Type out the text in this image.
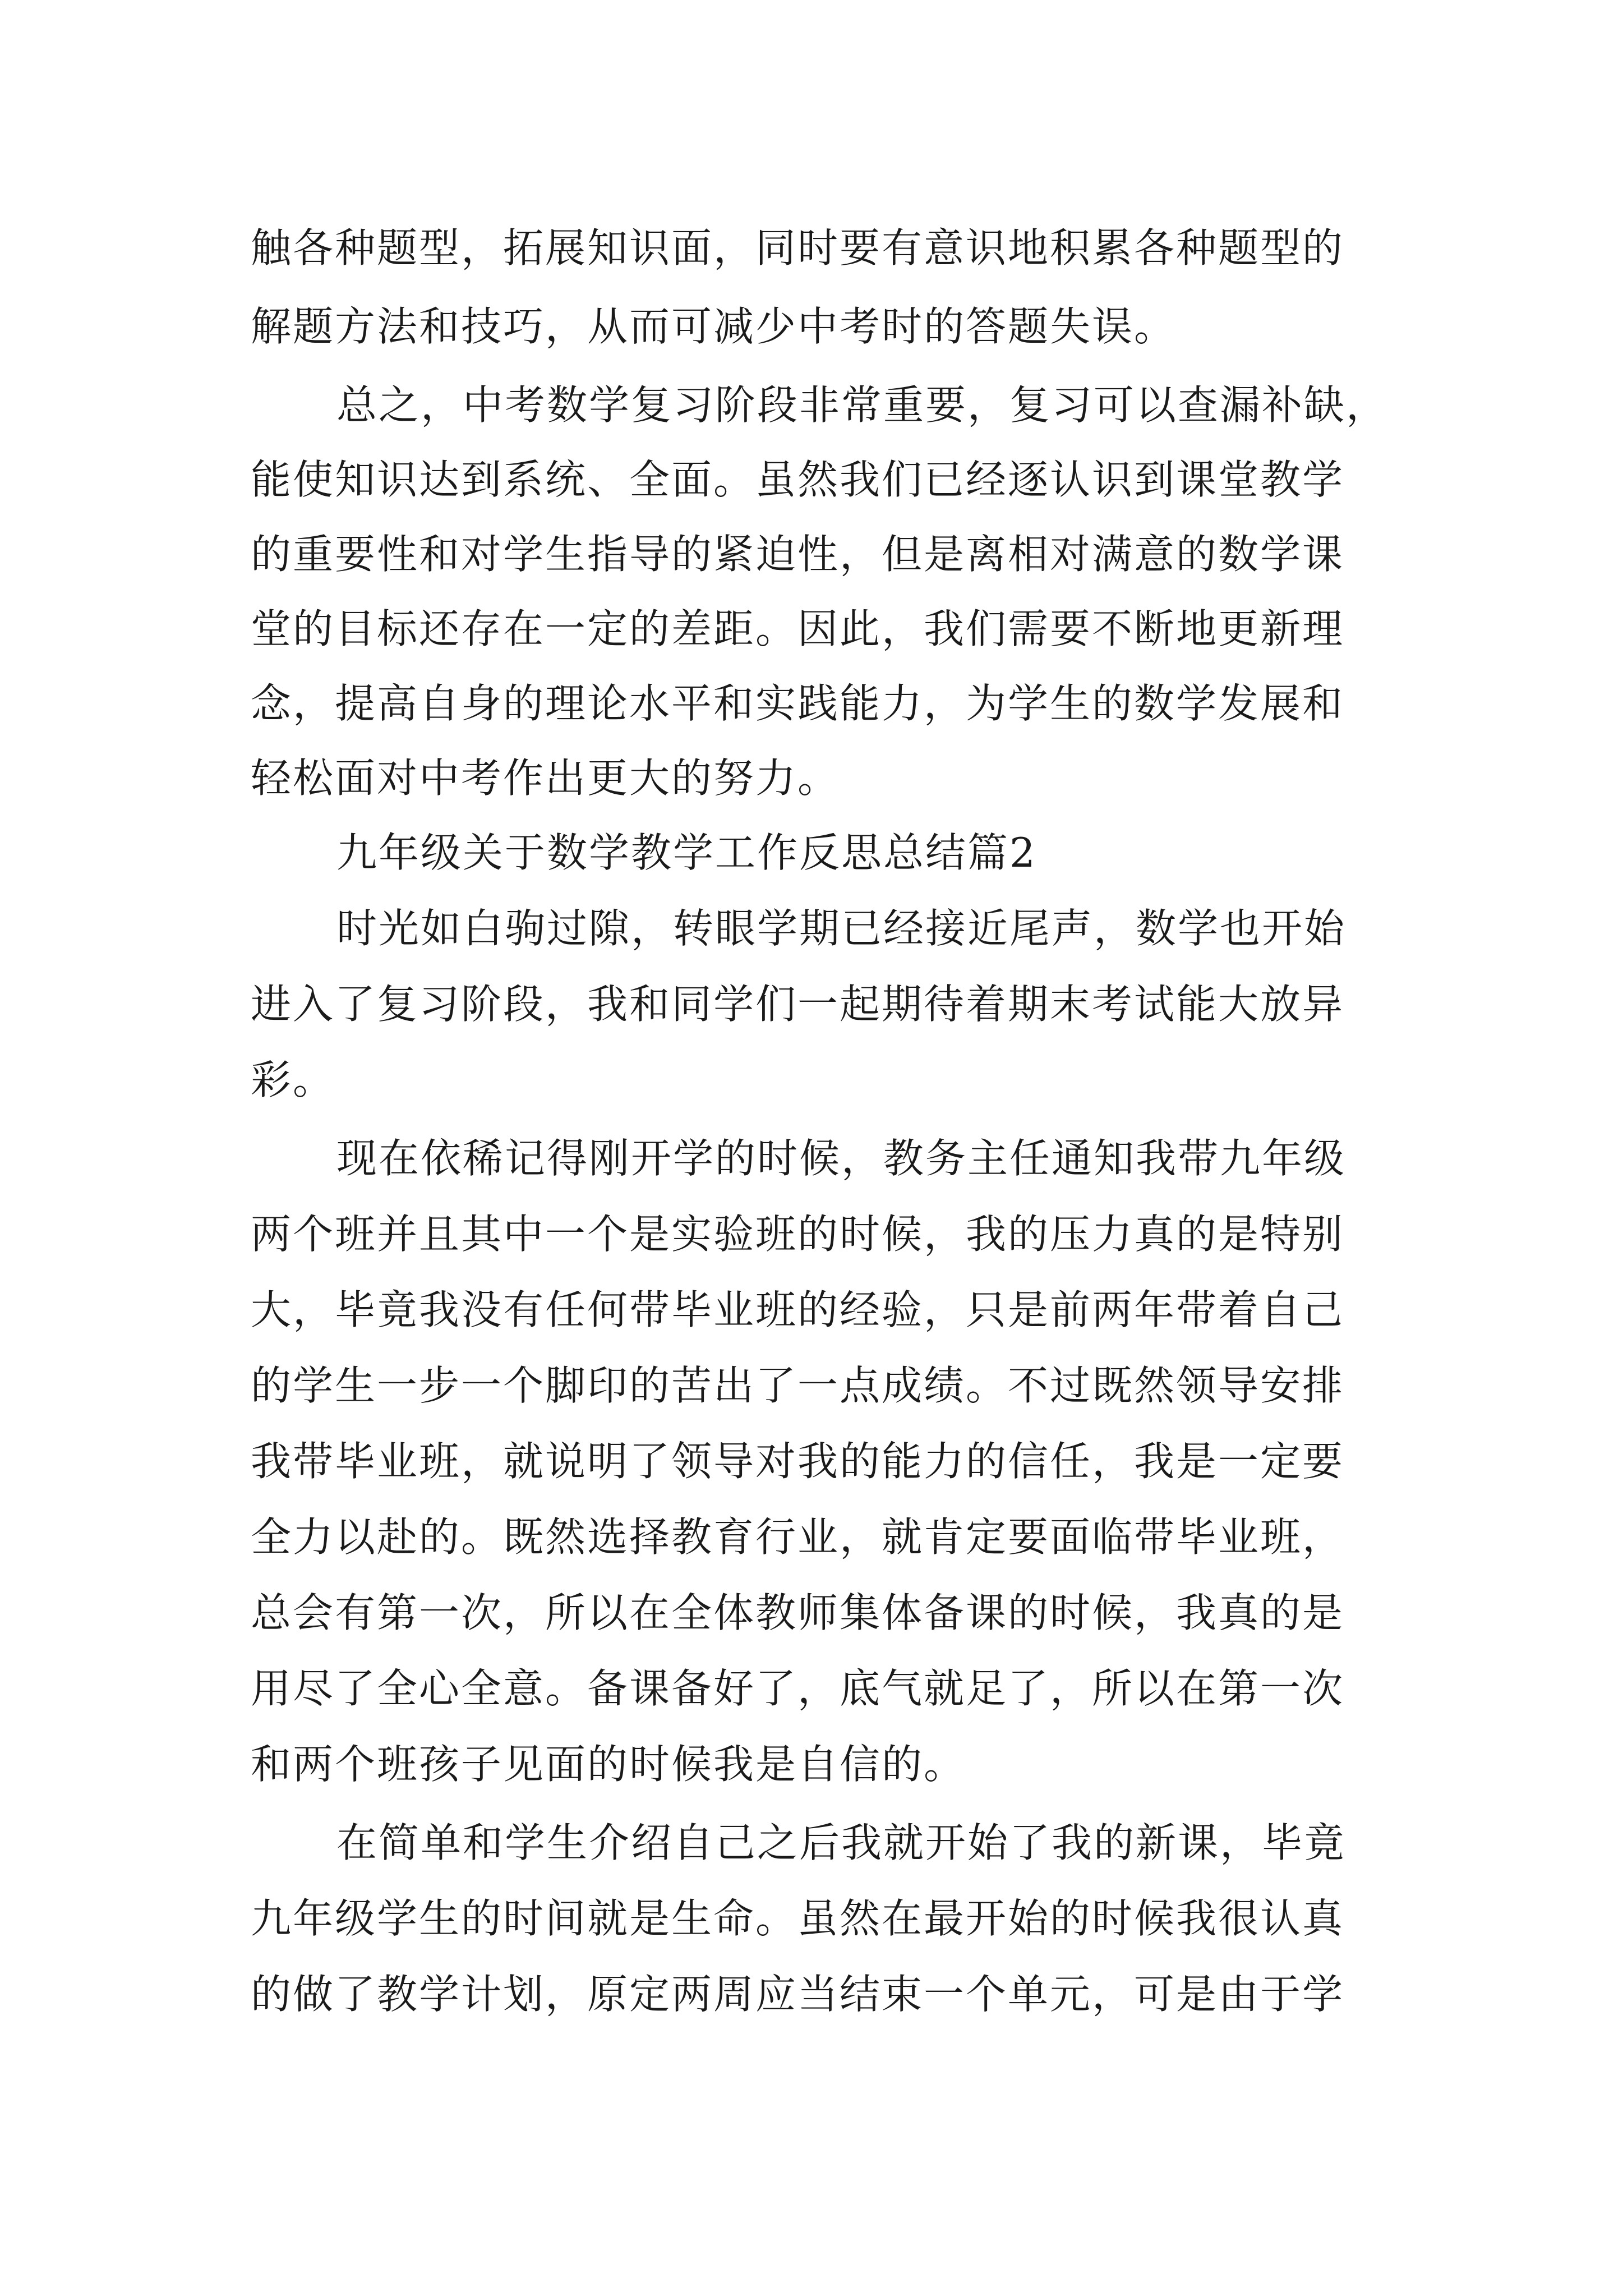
触各种题型，拓展知识面，同时要有意识地积累各种题型的

解题方法和技巧，从而可减少中考时的答题失误。

总之，中考数学复习阶段非常重要，复习可以查漏补缺，

能使知识达到系统、全面。虽然我们已经逐认识到课堂教学

的重要性和对学生指导的紧迫性，但是离相对满意的数学课

堂的目标还存在一定的差距。因此，我们需要不断地更新理

念，提高自身的理论水平和实践能力，为学生的数学发展和

轻松面对中考作出更大的努力。

九年级关于数学教学工作反思总结篇2

时光如白驹过隙，转眼学期已经接近尾声，数学也开始

进入了复习阶段，我和同学们一起期待着期末考试能大放异

彩。

现在依稀记得刚开学的时候，教务主任通知我带九年级

两个班并且其中一个是实验班的时候，我的压力真的是特别

大，毕竟我没有任何带毕业班的经验，只是前两年带着自己

的学生一步一个脚印的苦出了一点成绩。不过既然领导安排

我带毕业班，就说明了领导对我的能力的信任，我是一定要

全力以赴的。既然选择教育行业，就肯定要面临带毕业班，

总会有第一次，所以在全体教师集体备课的时候，我真的是

用尽了全心全意。备课备好了，底气就足了，所以在第一次

和两个班孩子见面的时候我是自信的。

在简单和学生介绍自己之后我就开始了我的新课，毕竟

九年级学生的时间就是生命。虽然在最开始的时候我很认真

的做了教学计划，原定两周应当结束一个单元，可是由于学
